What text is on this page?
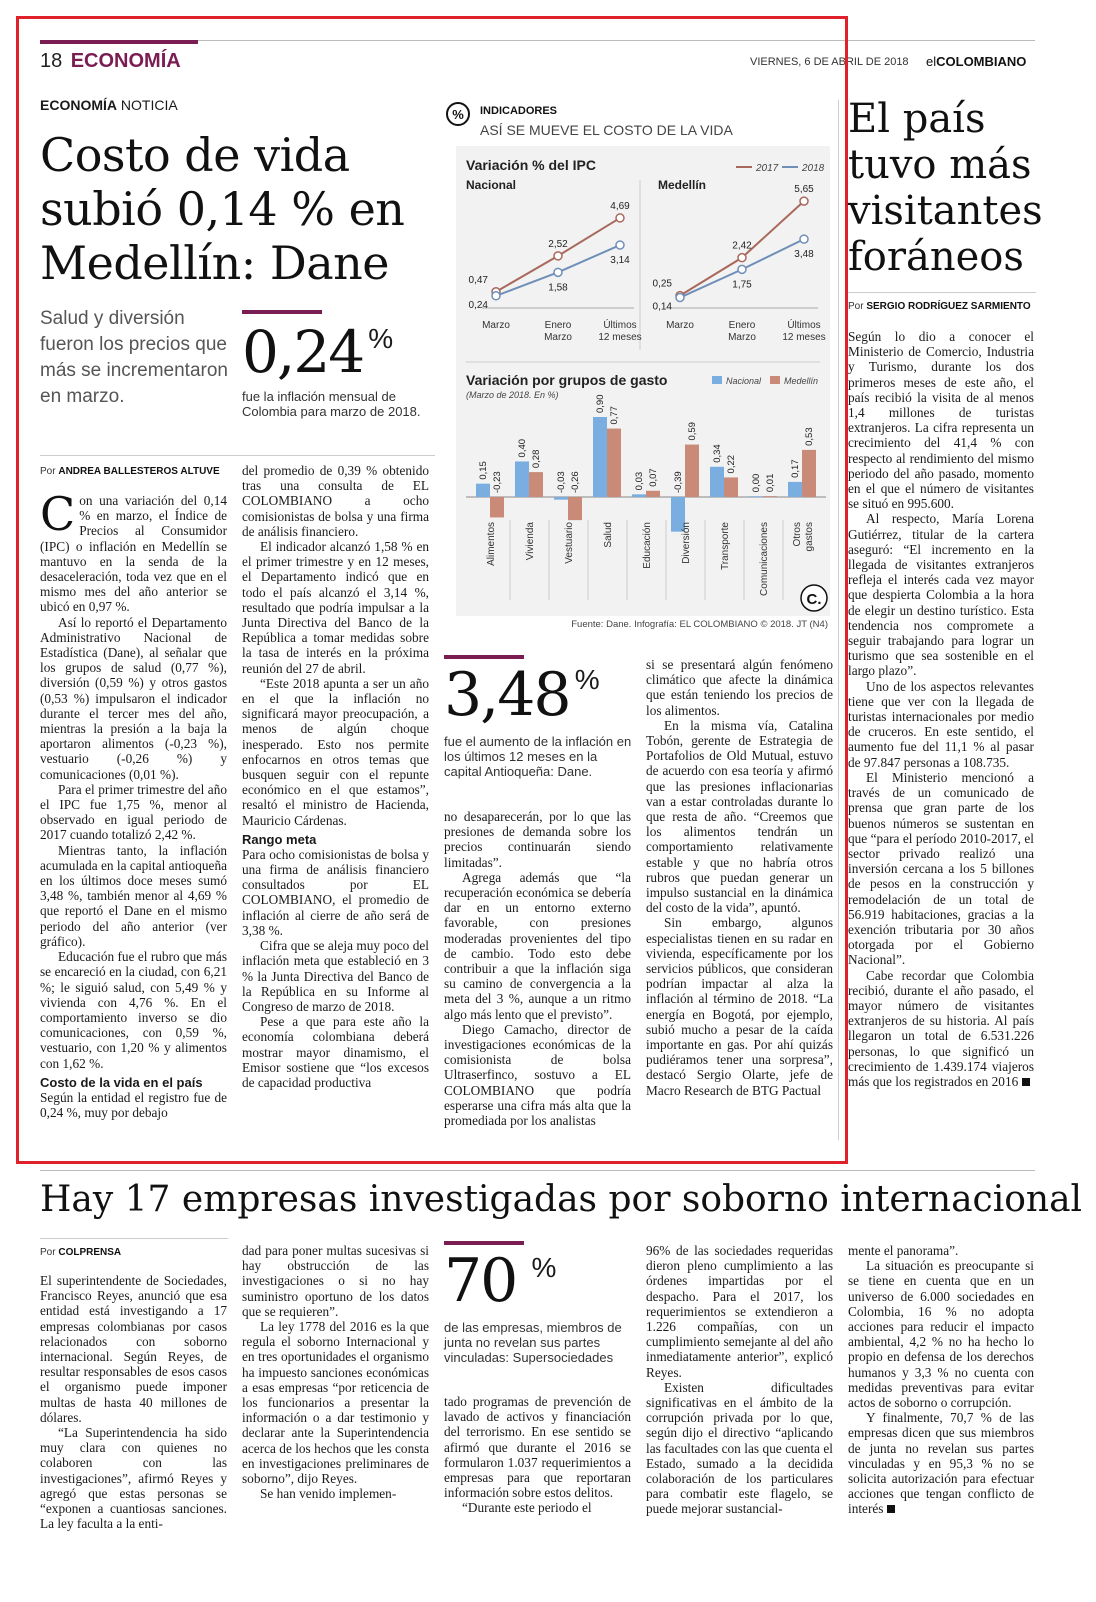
18 ECONOMÍA	VIERNES, 6 DE ABRIL DE 2018 elCOLOMBIANO
ECONOMÍA NOTICIA
Costo de vida subió 0,14 % en Medellín: Dane
Salud y diversión fueron los precios que más se incrementaron en marzo.
0,24 %
fue la inflación mensual de Colombia para marzo de 2018.
Por ANDREA BALLESTEROS ALTUVE

Con una variación del 0,14 % en marzo, el Índice de Precios al Consumidor (IPC) o inflación en Medellín se mantuvo en la senda de la desaceleración, toda vez que en el mismo mes del año anterior se ubicó en 0,97 %.

Así lo reportó el Departamento Administrativo Nacional de Estadística (Dane), al señalar que los grupos de salud (0,77 %), diversión (0,59 %) y otros gastos (0,53 %) impulsaron el indicador durante el tercer mes del año, mientras la presión a la baja la aportaron alimentos (-0,23 %), vestuario (-0,26 %) y comunicaciones (0,01 %).

Para el primer trimestre del año el IPC fue 1,75 %, menor al observado en igual periodo de 2017 cuando totalizó 2,42 %.

Mientras tanto, la inflación acumulada en la capital antioqueña en los últimos doce meses sumó 3,48 %, también menor al 4,69 % que reportó el Dane en el mismo periodo del año anterior (ver gráfico).

Educación fue el rubro que más se encareció en la ciudad, con 6,21 %; le siguió salud, con 5,49 % y vivienda con 4,76 %. En el comportamiento inverso se dio comunicaciones, con 0,59 %, vestuario, con 1,20 % y alimentos con 1,62 %.

Costo de la vida en el país

Según la entidad el registro fue de 0,24 %, muy por debajo

del promedio de 0,39 % obtenido tras una consulta de EL COLOMBIANO a ocho comisionistas de bolsa y una firma de análisis financiero.

El indicador alcanzó 1,58 % en el primer trimestre y en 12 meses, el Departamento indicó que en todo el país alcanzó el 3,14 %, resultado que podría impulsar a la Junta Directiva del Banco de la República a tomar medidas sobre la tasa de interés en la próxima reunión del 27 de abril.

“Este 2018 apunta a ser un año en el que la inflación no significará mayor preocupación, a menos de algún choque inesperado. Esto nos permite enfocarnos en otros temas que busquen seguir con el repunte económico en el que estamos”, resaltó el ministro de Hacienda, Mauricio Cárdenas.

Rango meta

Para ocho comisionistas de bolsa y una firma de análisis financiero consultados por EL COLOMBIANO, el promedio de inflación al cierre de año será de 3,38 %.

Cifra que se aleja muy poco del inflación meta que estableció en 3 % la Junta Directiva del Banco de la República en su Informe al Congreso de marzo de 2018.

Pese a que para este año la economía colombiana deberá mostrar mayor dinamismo, el Emisor sostiene que “los excesos de capacidad productiva

% INDICADORES
ASÍ SE MUEVE EL COSTO DE LA VIDA
Variación % del IPC	2017 2018
Nacional	Medellín
0,47
2,52
4,69
0,24
1,58
3,14
Marzo	Enero
Marzo
Últimos
12 meses
0,25
2,42
5,65
0,14
1,75
3,48
Marzo	Enero
Marzo
Últimos
12 meses
Variación por grupos de gasto
(Marzo de 2018. En %)
Nacional	Medellín
0,15
-0,23
Alimentos
0,40
0,28
Vivienda
-0,03 -0,26
Vestuario
0,90
0,77
Salud
0,03 0,07
Educación
-0,39
0,59
Diversión
0,34
0,22
Transporte
0,00 0,01
Comunicaciones
0,17
0,53
Otros gastos
C.
Fuente: Dane. Infografía: EL COLOMBIANO © 2018. JT (N4)
3,48 %
fue el aumento de la inflación en los últimos 12 meses en la capital Antioqueña: Dane.

no desaparecerán, por lo que las presiones de demanda sobre los precios continuarán siendo limitadas”.

Agrega además que “la recuperación económica se debería dar en un entorno externo favorable, con presiones moderadas provenientes del tipo de cambio. Todo esto debe contribuir a que la inflación siga su camino de convergencia a la meta del 3 %, aunque a un ritmo algo más lento que el previsto”.

Diego Camacho, director de investigaciones económicas de la comisionista de bolsa Ultraserfinco, sostuvo a EL COLOMBIANO que podría esperarse una cifra más alta que la promediada por los analistas

si se presentará algún fenómeno climático que afecte la dinámica que están teniendo los precios de los alimentos.

En la misma vía, Catalina Tobón, gerente de Estrategia de Portafolios de Old Mutual, estuvo de acuerdo con esa teoría y afirmó que las presiones inflacionarias van a estar controladas durante lo que resta de año. “Creemos que los alimentos tendrán un comportamiento relativamente estable y que no habría otros rubros que puedan generar un impulso sustancial en la dinámica del costo de la vida”, apuntó.

Sin embargo, algunos especialistas tienen en su radar en vivienda, específicamente por los servicios públicos, que consideran podrían impactar al alza la inflación al término de 2018. “La energía en Bogotá, por ejemplo, subió mucho a pesar de la caída importante en gas. Por ahí quizás pudiéramos tener una sorpresa”, destacó Sergio Olarte, jefe de Macro Research de BTG Pactual

El país tuvo más visitantes foráneos
Por SERGIO RODRÍGUEZ SARMIENTO

Según lo dio a conocer el Ministerio de Comercio, Industria y Turismo, durante los dos primeros meses de este año, el país recibió la visita de al menos 1,4 millones de turistas extranjeros. La cifra representa un crecimiento del 41,4 % con respecto al rendimiento del mismo periodo del año pasado, momento en el que el número de visitantes se situó en 995.600.

Al respecto, María Lorena Gutiérrez, titular de la cartera aseguró: “El incremento en la llegada de visitantes extranjeros refleja el interés cada vez mayor que despierta Colombia a la hora de elegir un destino turístico. Esta tendencia nos compromete a seguir trabajando para lograr un turismo que sea sostenible en el largo plazo”.

Uno de los aspectos relevantes tiene que ver con la llegada de turistas internacionales por medio de cruceros. En este sentido, el aumento fue del 11,1 % al pasar de 97.847 personas a 108.735.

El Ministerio mencionó a través de un comunicado de prensa que gran parte de los buenos números se sustentan en que “para el período 2010-2017, el sector privado realizó una inversión cercana a los 5 billones de pesos en la construcción y remodelación de un total de 56.919 habitaciones, gracias a la exención tributaria por 30 años otorgada por el Gobierno Nacional”.

Cabe recordar que Colombia recibió, durante el año pasado, el mayor número de visitantes extranjeros de su historia. Al país llegaron un total de 6.531.226 personas, lo que significó un crecimiento de 1.439.174 viajeros más que los registrados en 2016

Hay 17 empresas investigadas por soborno internacional
Por COLPRENSA

El superintendente de Sociedades, Francisco Reyes, anunció que esa entidad está investigando a 17 empresas colombianas por casos relacionados con soborno internacional. Según Reyes, de resultar responsables de esos casos el organismo puede imponer multas de hasta 40 millones de dólares.

“La Superintendencia ha sido muy clara con quienes no colaboren con las investigaciones”, afirmó Reyes y agregó que estas personas se “exponen a cuantiosas sanciones. La ley faculta a la enti-

dad para poner multas sucesivas si hay obstrucción de las investigaciones o si no hay suministro oportuno de los datos que se requieren”.

La ley 1778 del 2016 es la que regula el soborno Internacional y en tres oportunidades el organismo ha impuesto sanciones económicas a esas empresas “por reticencia de los funcionarios a presentar la información o a dar testimonio y declarar ante la Superintendencia acerca de los hechos que les consta en investigaciones preliminares de soborno”, dijo Reyes.

Se han venido implemen-

70 %
de las empresas, miembros de junta no revelan sus partes vinculadas: Supersociedades

tado programas de prevención de lavado de activos y financiación del terrorismo. En ese sentido se afirmó que durante el 2016 se formularon 1.037 requerimientos a empresas para que reportaran información sobre estos delitos.

“Durante este periodo el

96% de las sociedades requeridas dieron pleno cumplimiento a las órdenes impartidas por el despacho. Para el 2017, los requerimientos se extendieron a 1.226 compañías, con un cumplimiento semejante al del año inmediatamente anterior”, explicó Reyes.

Existen dificultades significativas en el ámbito de la corrupción privada por lo que, según dijo el directivo “aplicando las facultades con las que cuenta el Estado, sumado a la decidida colaboración de los particulares para combatir este flagelo, se puede mejorar sustancial-

mente el panorama”.

La situación es preocupante si se tiene en cuenta que en un universo de 6.000 sociedades en Colombia, 16 % no adopta acciones para reducir el impacto ambiental, 4,2 % no ha hecho lo propio en defensa de los derechos humanos y 3,3 % no cuenta con medidas preventivas para evitar actos de soborno o corrupción.

Y finalmente, 70,7 % de las empresas dicen que sus miembros de junta no revelan sus partes vinculadas y en 95,3 % no se solicita autorización para efectuar acciones que tengan conflicto de interés
